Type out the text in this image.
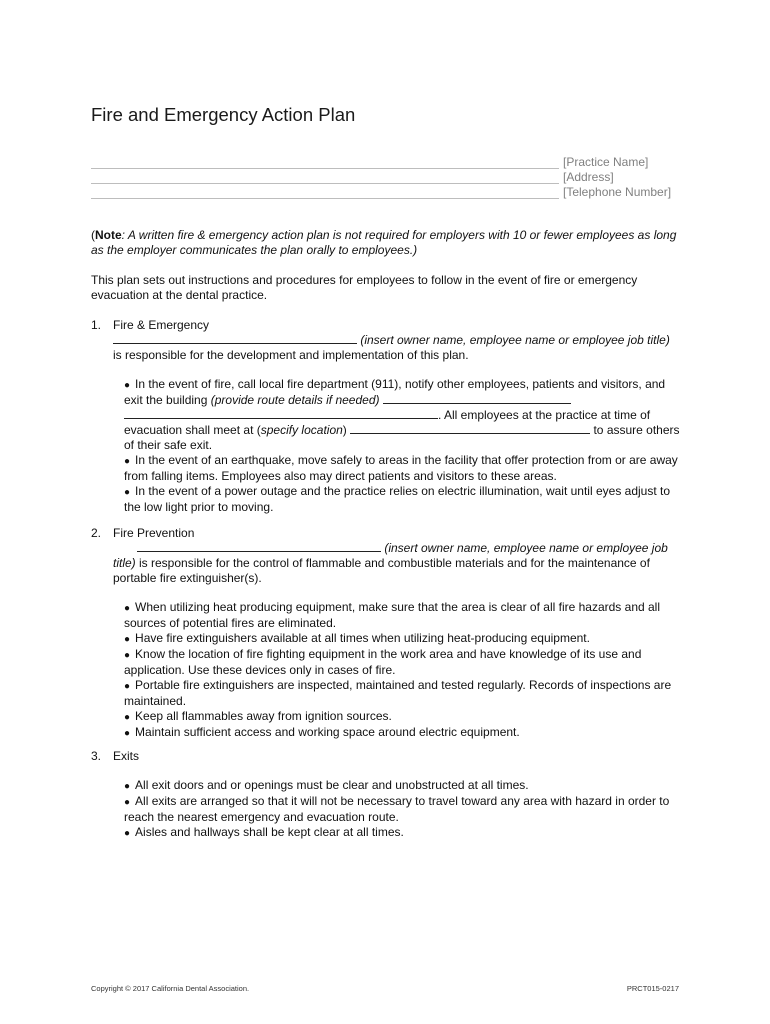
Fire and Emergency Action Plan
[Practice Name]
[Address]
[Telephone Number]
(Note: A written fire & emergency action plan is not required for employers with 10 or fewer employees as long as the employer communicates the plan orally to employees.)
This plan sets out instructions and procedures for employees to follow in the event of fire or emergency evacuation at the dental practice.
1. Fire & Emergency
(insert owner name, employee name or employee job title) is responsible for the development and implementation of this plan.
● In the event of fire, call local fire department (911), notify other employees, patients and visitors, and exit the building (provide route details if needed)  . All employees at the practice at time of evacuation shall meet at (specify location)	to assure others of their safe exit.
● In the event of an earthquake, move safely to areas in the facility that offer protection from or are away from falling items. Employees also may direct patients and visitors to these areas.
● In the event of a power outage and the practice relies on electric illumination, wait until eyes adjust to the low light prior to moving.
2. Fire Prevention
(insert owner name, employee name or employee job title) is responsible for the control of flammable and combustible materials and for the maintenance of portable fire extinguisher(s).
● When utilizing heat producing equipment, make sure that the area is clear of all fire hazards and all sources of potential fires are eliminated.
● Have fire extinguishers available at all times when utilizing heat-producing equipment.
● Know the location of fire fighting equipment in the work area and have knowledge of its use and application. Use these devices only in cases of fire.
● Portable fire extinguishers are inspected, maintained and tested regularly. Records of inspections are maintained.
● Keep all flammables away from ignition sources.
● Maintain sufficient access and working space around electric equipment.
3. Exits
● All exit doors and or openings must be clear and unobstructed at all times.
● All exits are arranged so that it will not be necessary to travel toward any area with hazard in order to reach the nearest emergency and evacuation route.
● Aisles and hallways shall be kept clear at all times.
Copyright © 2017 California Dental Association.	PRCT015-0217
